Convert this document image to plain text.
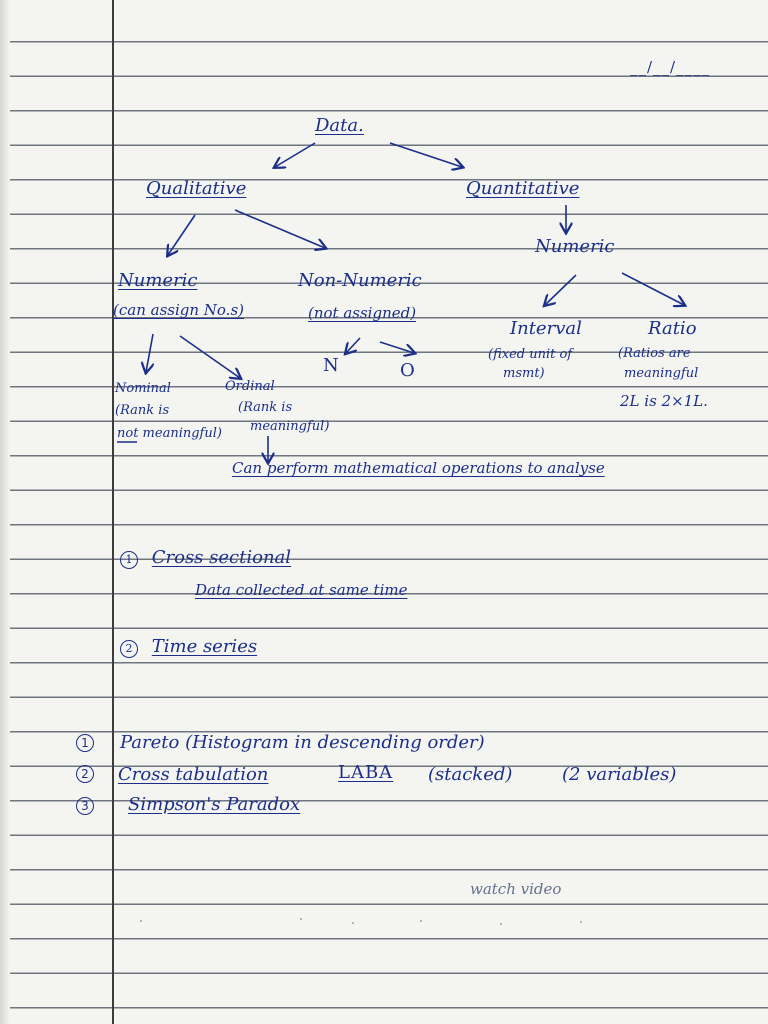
__/__/____
Data.
Qualitative	Quantitative
Numeric
Numeric
(can assign No.s)
Non-Numeric
(not assigned)
N	O
Interval
(fixed unit of
msmt)
Ratio
(Ratios are
meaningful
2L is 2×1L.
Nominal
(Rank is
not meaningful)
Ordinal
(Rank is
meaningful)
Can perform mathematical operations to analyse
1 Cross sectional
Data collected at same time
2 Time series
1 Pareto (Histogram in descending order)
2 Cross tabulation	LABA (stacked)	(2 variables)
3 Simpson's Paradox
watch video
